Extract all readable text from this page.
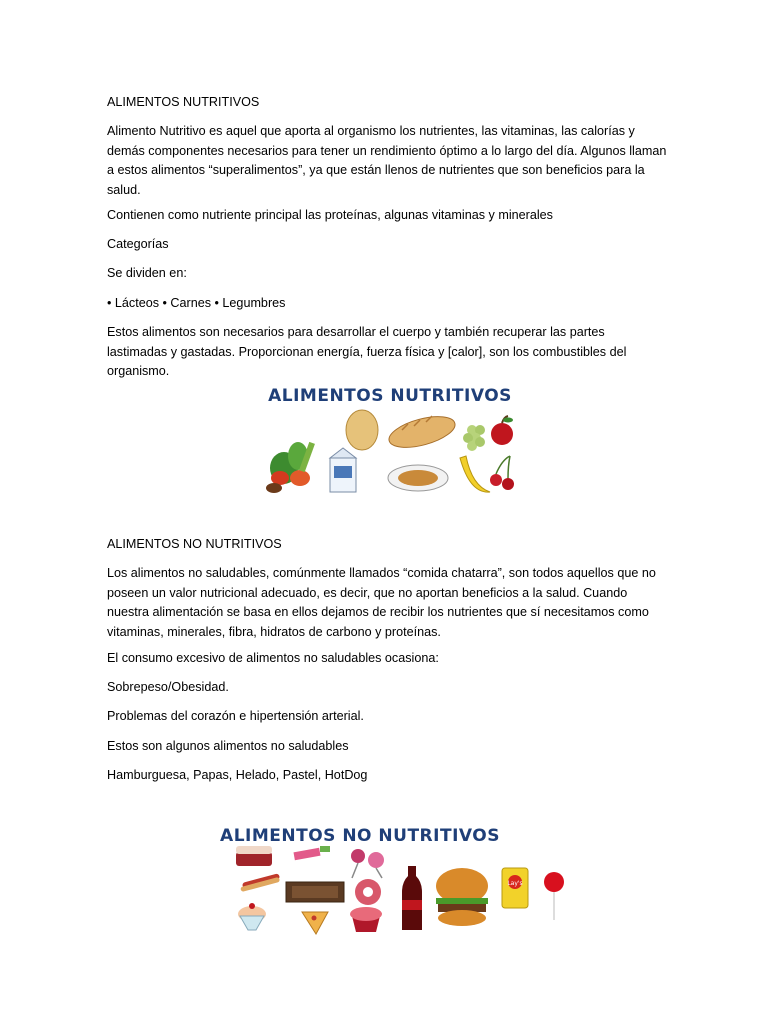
ALIMENTOS NUTRITIVOS

Alimento Nutritivo es aquel que aporta al organismo los nutrientes, las vitaminas, las calorías y demás componentes necesarios para tener un rendimiento óptimo a lo largo del día. Algunos llaman a estos alimentos “superalimentos”, ya que están llenos de nutrientes que son beneficios para la salud.

Contienen como nutriente principal las proteínas, algunas vitaminas y minerales

Categorías

Se dividen en:

• Lácteos • Carnes • Legumbres

Estos alimentos son necesarios para desarrollar el cuerpo y también recuperar las partes lastimadas y gastadas. Proporcionan energía, fuerza física y [calor], son los combustibles del organismo.

ALIMENTOS NUTRITIVOS

ALIMENTOS NO NUTRITIVOS

Los alimentos no saludables, comúnmente llamados “comida chatarra”, son todos aquellos que no poseen un valor nutricional adecuado, es decir, que no aportan beneficios a la salud. Cuando nuestra alimentación se basa en ellos dejamos de recibir los nutrientes que sí necesitamos como vitaminas, minerales, fibra, hidratos de carbono y proteínas.

El consumo excesivo de alimentos no saludables ocasiona:

Sobrepeso/Obesidad.

Problemas del corazón e hipertensión arterial.

Estos son algunos alimentos no saludables

Hamburguesa, Papas, Helado, Pastel, HotDog

ALIMENTOS NO NUTRITIVOS
Lay's
